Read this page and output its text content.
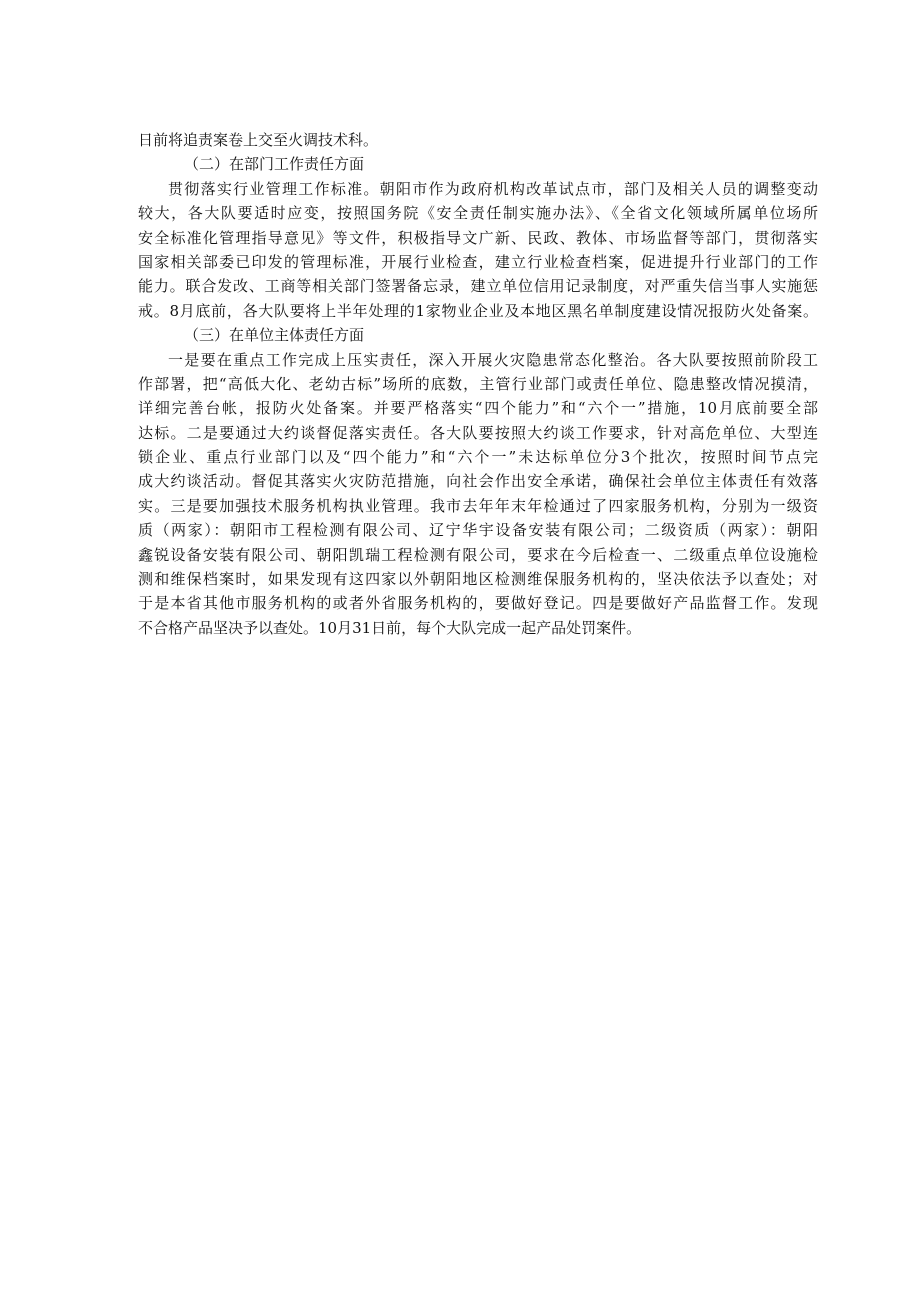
日前将追责案卷上交至火调技术科。
（二）在部门工作责任方面
贯彻落实行业管理工作标准。朝阳市作为政府机构改革试点市，部门及相关人员的调整变动
较大，各大队要适时应变，按照国务院《安全责任制实施办法》、《全省文化领域所属单位场所
安全标准化管理指导意见》等文件，积极指导文广新、民政、教体、市场监督等部门，贯彻落实
国家相关部委已印发的管理标准，开展行业检查，建立行业检查档案，促进提升行业部门的工作
能力。联合发改、工商等相关部门签署备忘录，建立单位信用记录制度，对严重失信当事人实施惩
戒。8月底前，各大队要将上半年处理的1家物业企业及本地区黑名单制度建设情况报防火处备案。
（三）在单位主体责任方面
一是要在重点工作完成上压实责任，深入开展火灾隐患常态化整治。各大队要按照前阶段工
作部署，把“高低大化、老幼古标”场所的底数，主管行业部门或责任单位、隐患整改情况摸清，
详细完善台帐，报防火处备案。并要严格落实“四个能力”和“六个一”措施，10月底前要全部
达标。二是要通过大约谈督促落实责任。各大队要按照大约谈工作要求，针对高危单位、大型连
锁企业、重点行业部门以及“四个能力”和“六个一”未达标单位分3个批次，按照时间节点完
成大约谈活动。督促其落实火灾防范措施，向社会作出安全承诺，确保社会单位主体责任有效落
实。三是要加强技术服务机构执业管理。我市去年年末年检通过了四家服务机构，分别为一级资
质（两家）：朝阳市工程检测有限公司、辽宁华宇设备安装有限公司；二级资质（两家）：朝阳
鑫锐设备安装有限公司、朝阳凯瑞工程检测有限公司，要求在今后检查一、二级重点单位设施检
测和维保档案时，如果发现有这四家以外朝阳地区检测维保服务机构的，坚决依法予以查处；对
于是本省其他市服务机构的或者外省服务机构的，要做好登记。四是要做好产品监督工作。发现
不合格产品坚决予以查处。10月31日前，每个大队完成一起产品处罚案件。
